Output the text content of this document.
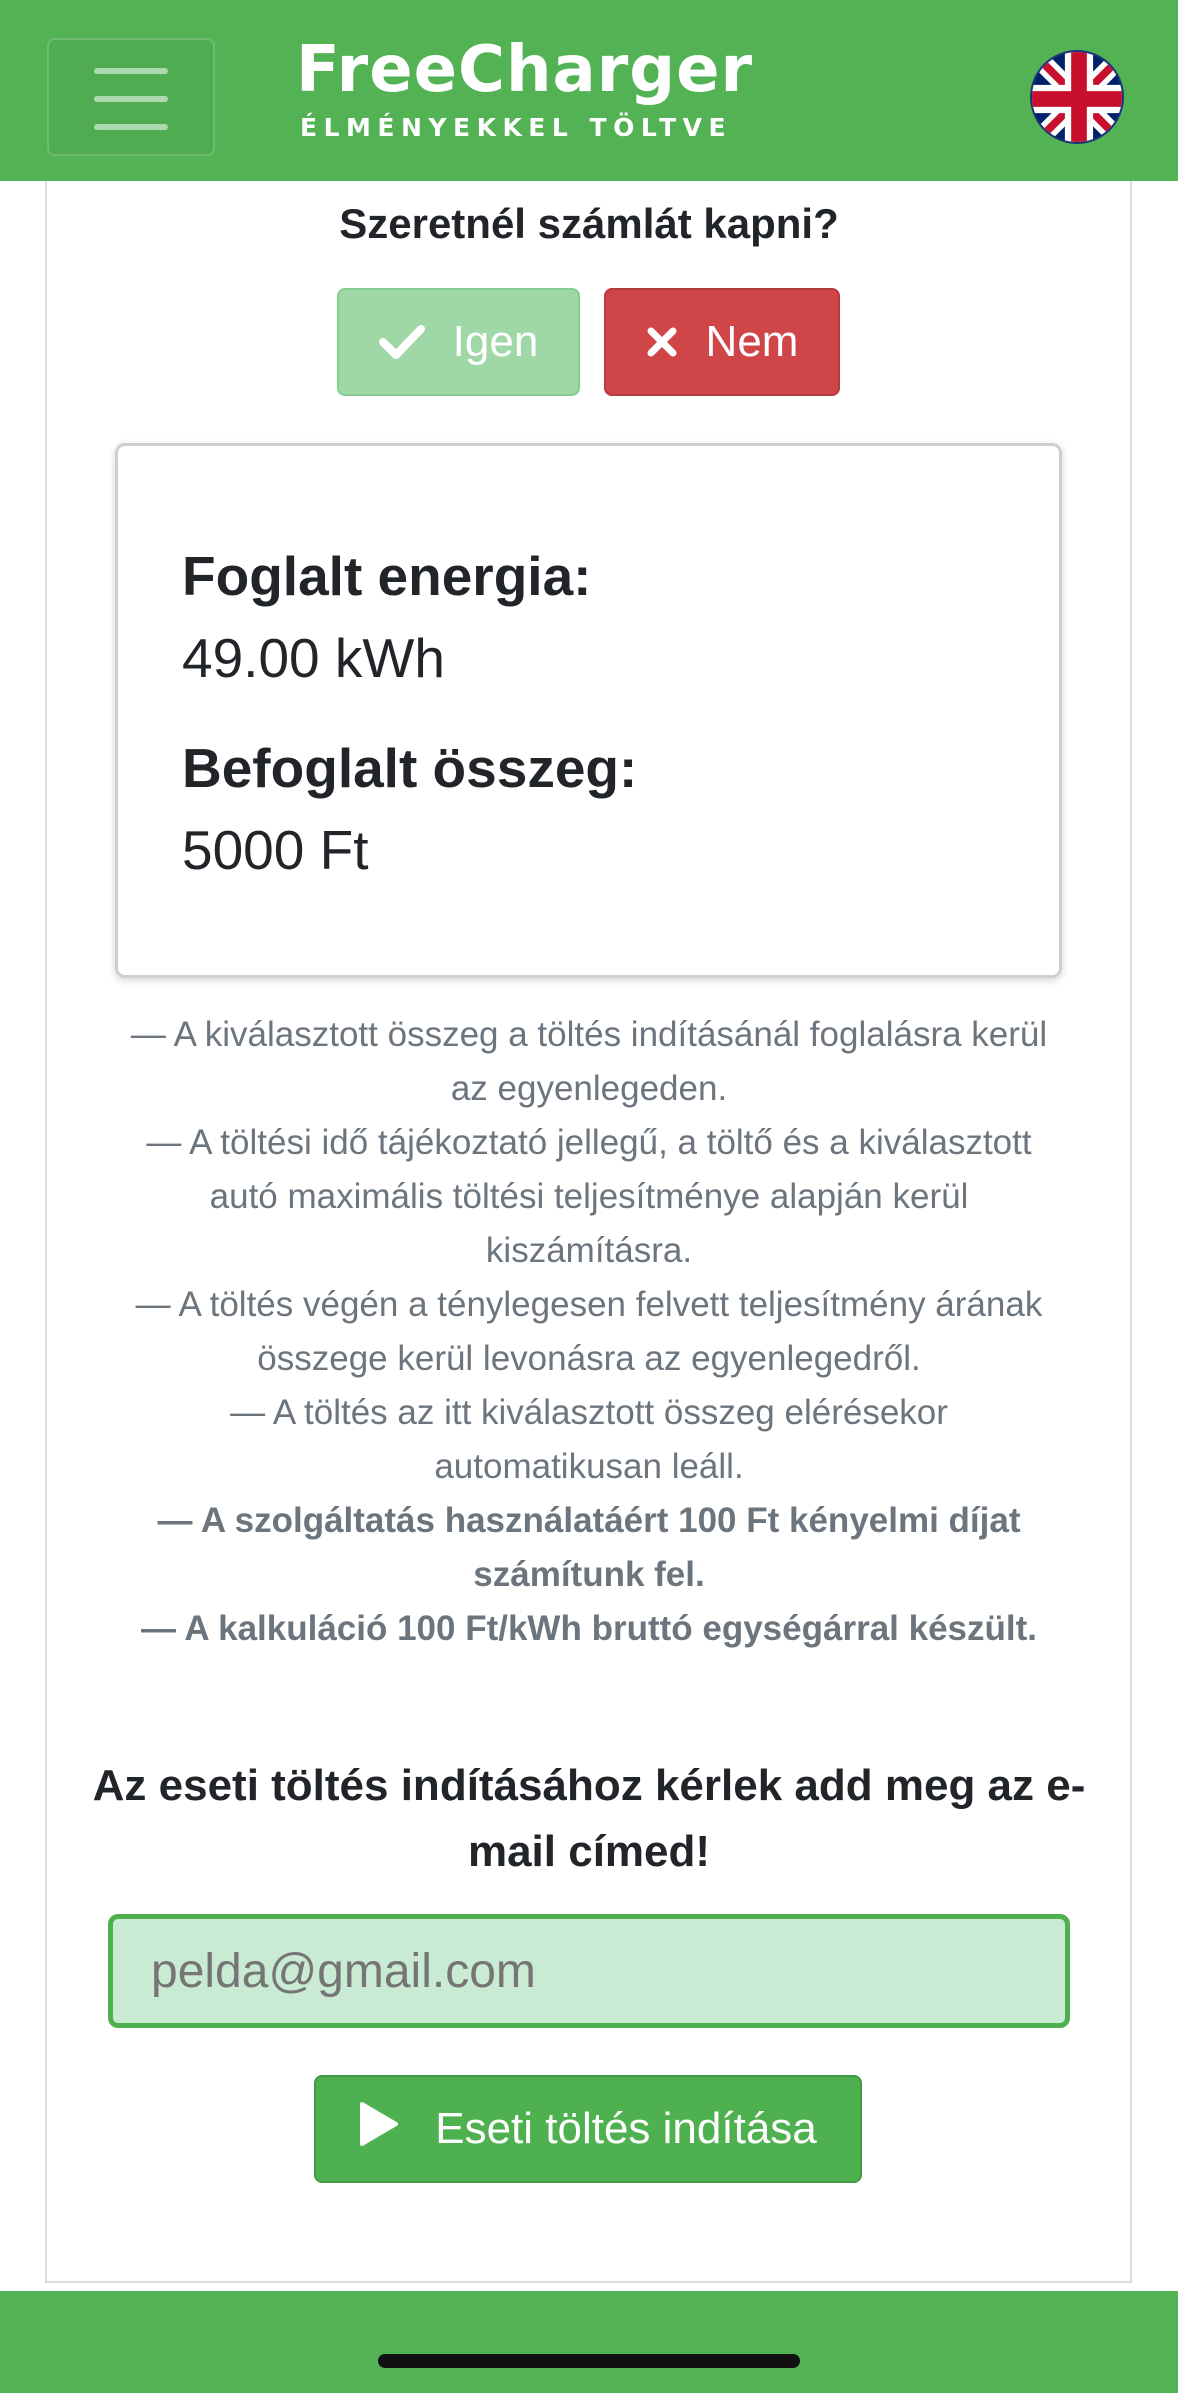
FreeCharger
ÉLMÉNYEKKEL TÖLTVE
Szeretnél számlát kapni?
Igen	Nem
Foglalt energia:
49.00 kWh
Befoglalt összeg:
5000 Ft

— A kiválasztott összeg a töltés indításánál foglalásra kerül az egyenlegeden.

— A töltési idő tájékoztató jellegű, a töltő és a kiválasztott autó maximális töltési teljesítménye alapján kerül kiszámításra.

— A töltés végén a ténylegesen felvett teljesítmény árának összege kerül levonásra az egyenlegedről.

— A töltés az itt kiválasztott összeg elérésekor automatikusan leáll.

— A szolgáltatás használatáért 100 Ft kényelmi díjat számítunk fel.

— A kalkuláció 100 Ft/kWh bruttó egységárral készült.

Az eseti töltés indításához kérlek add meg az e-mail címed!
pelda@gmail.com
Eseti töltés indítása
